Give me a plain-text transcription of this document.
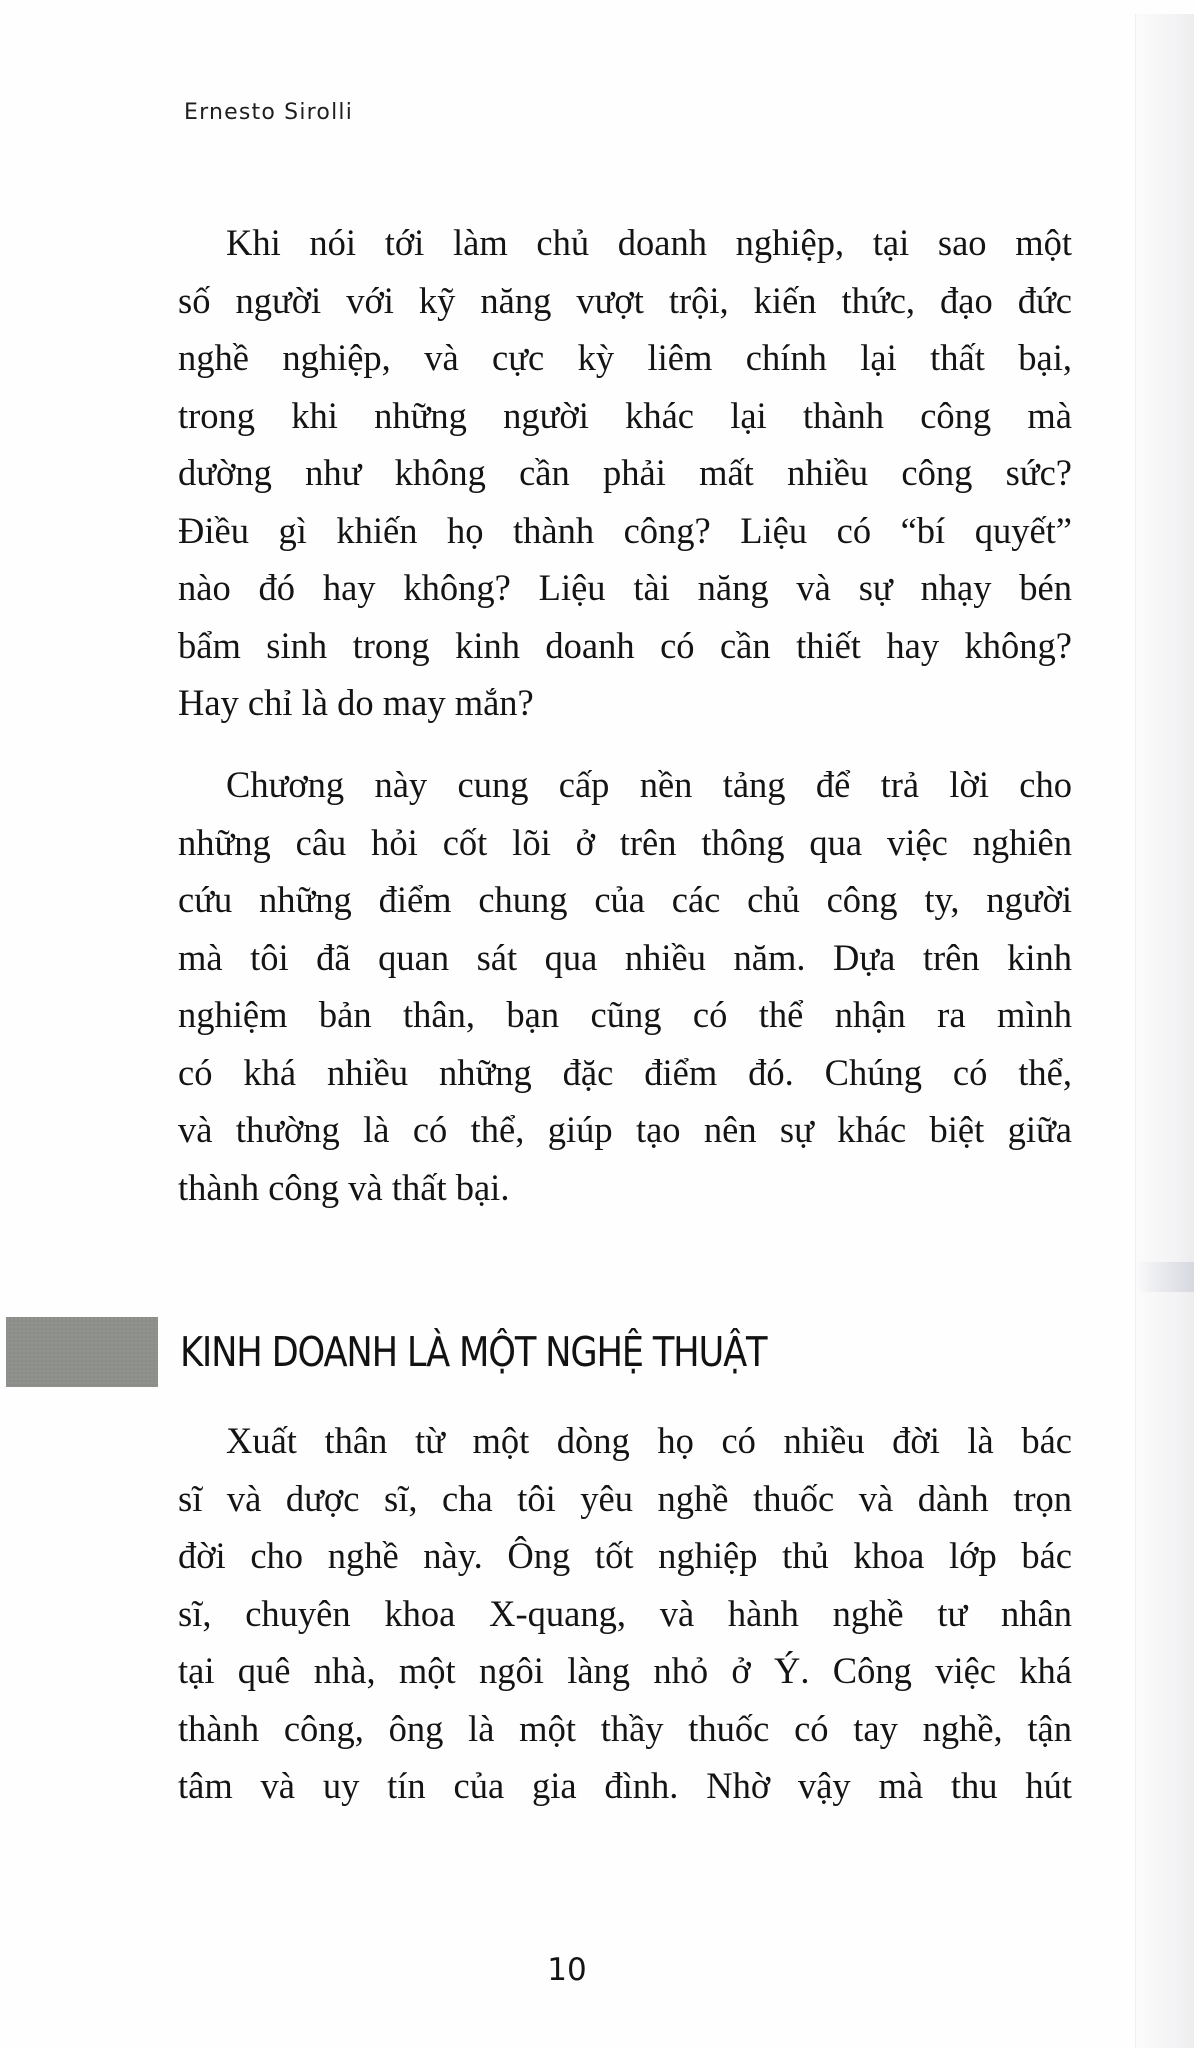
Ernesto Sirolli
Khi nói tới làm chủ doanh nghiệp, tại sao một
số người với kỹ năng vượt trội, kiến thức, đạo đức
nghề nghiệp, và cực kỳ liêm chính lại thất bại,
trong khi những người khác lại thành công mà
dường như không cần phải mất nhiều công sức?
Điều gì khiến họ thành công? Liệu có “bí quyết”
nào đó hay không? Liệu tài năng và sự nhạy bén
bẩm sinh trong kinh doanh có cần thiết hay không?
Hay chỉ là do may mắn?
Chương này cung cấp nền tảng để trả lời cho
những câu hỏi cốt lõi ở trên thông qua việc nghiên
cứu những điểm chung của các chủ công ty, người
mà tôi đã quan sát qua nhiều năm. Dựa trên kinh
nghiệm bản thân, bạn cũng có thể nhận ra mình
có khá nhiều những đặc điểm đó. Chúng có thể,
và thường là có thể, giúp tạo nên sự khác biệt giữa
thành công và thất bại.
KINH DOANH LÀ MỘT NGHỆ THUẬT
Xuất thân từ một dòng họ có nhiều đời là bác
sĩ và dược sĩ, cha tôi yêu nghề thuốc và dành trọn
đời cho nghề này. Ông tốt nghiệp thủ khoa lớp bác
sĩ, chuyên khoa X-quang, và hành nghề tư nhân
tại quê nhà, một ngôi làng nhỏ ở Ý. Công việc khá
thành công, ông là một thầy thuốc có tay nghề, tận
tâm và uy tín của gia đình. Nhờ vậy mà thu hút
10
